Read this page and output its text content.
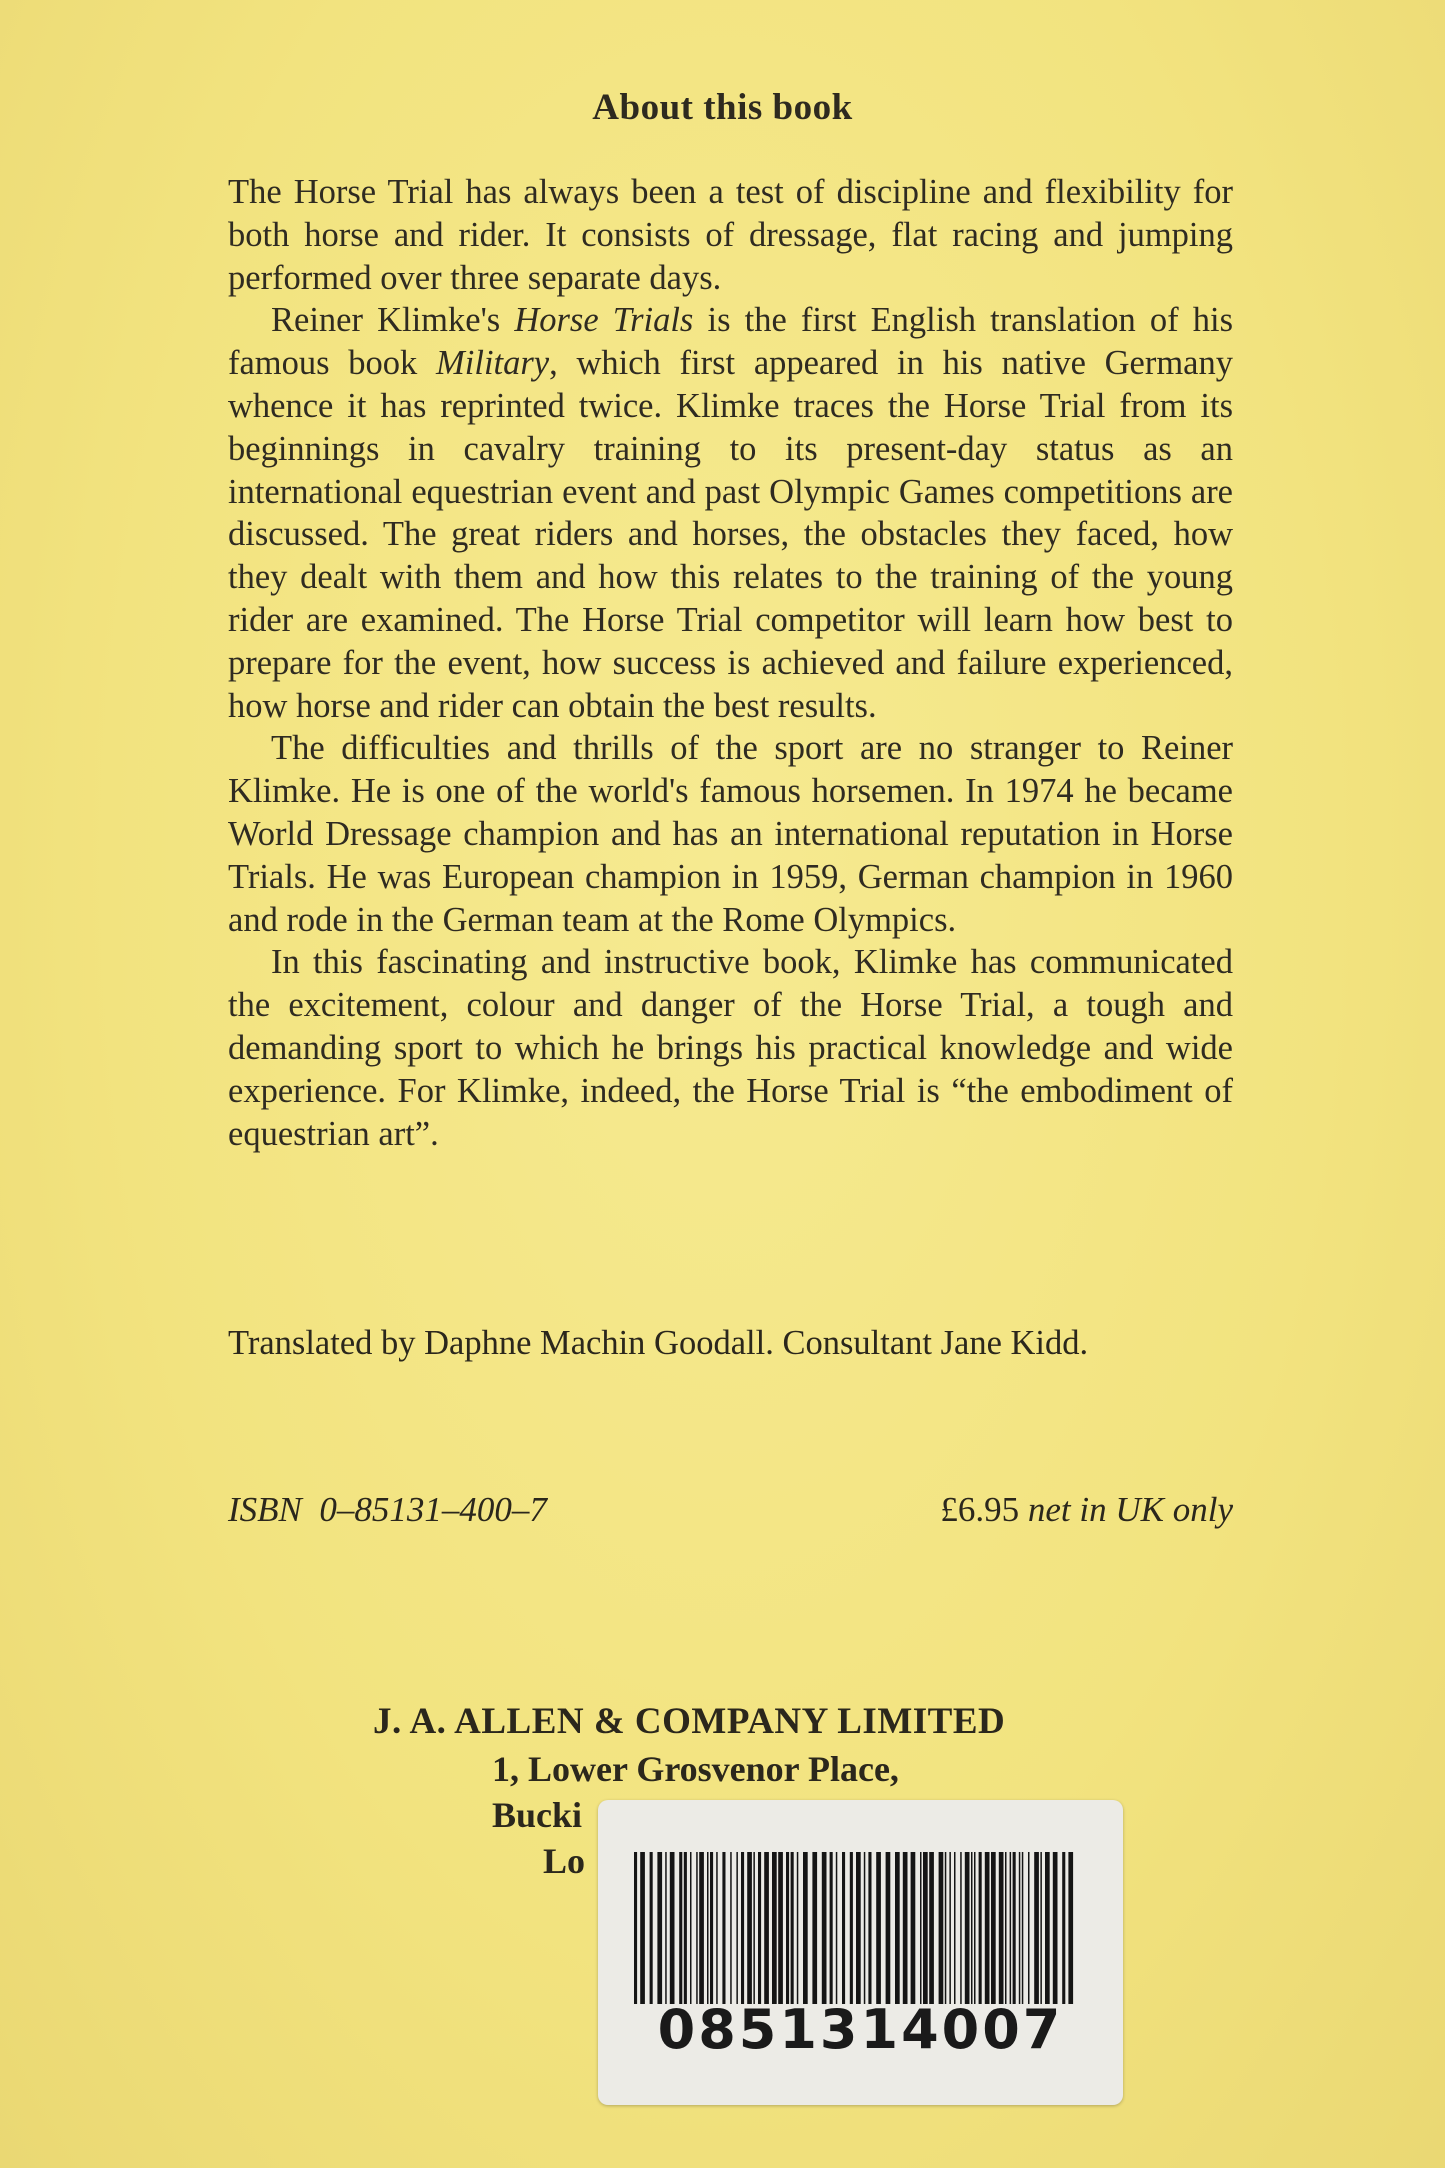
About this book

The Horse Trial has always been a test of discipline and flexibility for both horse and rider. It consists of dressage, flat racing and jumping performed over three separate days.

Reiner Klimke's Horse Trials is the first English translation of his famous book Military, which first appeared in his native Germany whence it has reprinted twice. Klimke traces the Horse Trial from its beginnings in cavalry training to its present-day status as an international equestrian event and past Olympic Games competitions are discussed. The great riders and horses, the obstacles they faced, how they dealt with them and how this relates to the training of the young rider are examined. The Horse Trial competitor will learn how best to prepare for the event, how success is achieved and failure experienced, how horse and rider can obtain the best results.

The difficulties and thrills of the sport are no stranger to Reiner Klimke. He is one of the world's famous horsemen. In 1974 he became World Dressage champion and has an international reputation in Horse Trials. He was European champion in 1959, German champion in 1960 and rode in the German team at the Rome Olympics.

In this fascinating and instructive book, Klimke has communicated the excitement, colour and danger of the Horse Trial, a tough and demanding sport to which he brings his practical knowledge and wide experience. For Klimke, indeed, the Horse Trial is “the embodiment of equestrian art”.

Translated by Daphne Machin Goodall. Consultant Jane Kidd.
ISBN 0–85131–400–7	£6.95 net in UK only
J. A. ALLEN & COMPANY LIMITED
1, Lower Grosvenor Place,
Bucki
Lo
0851314007
